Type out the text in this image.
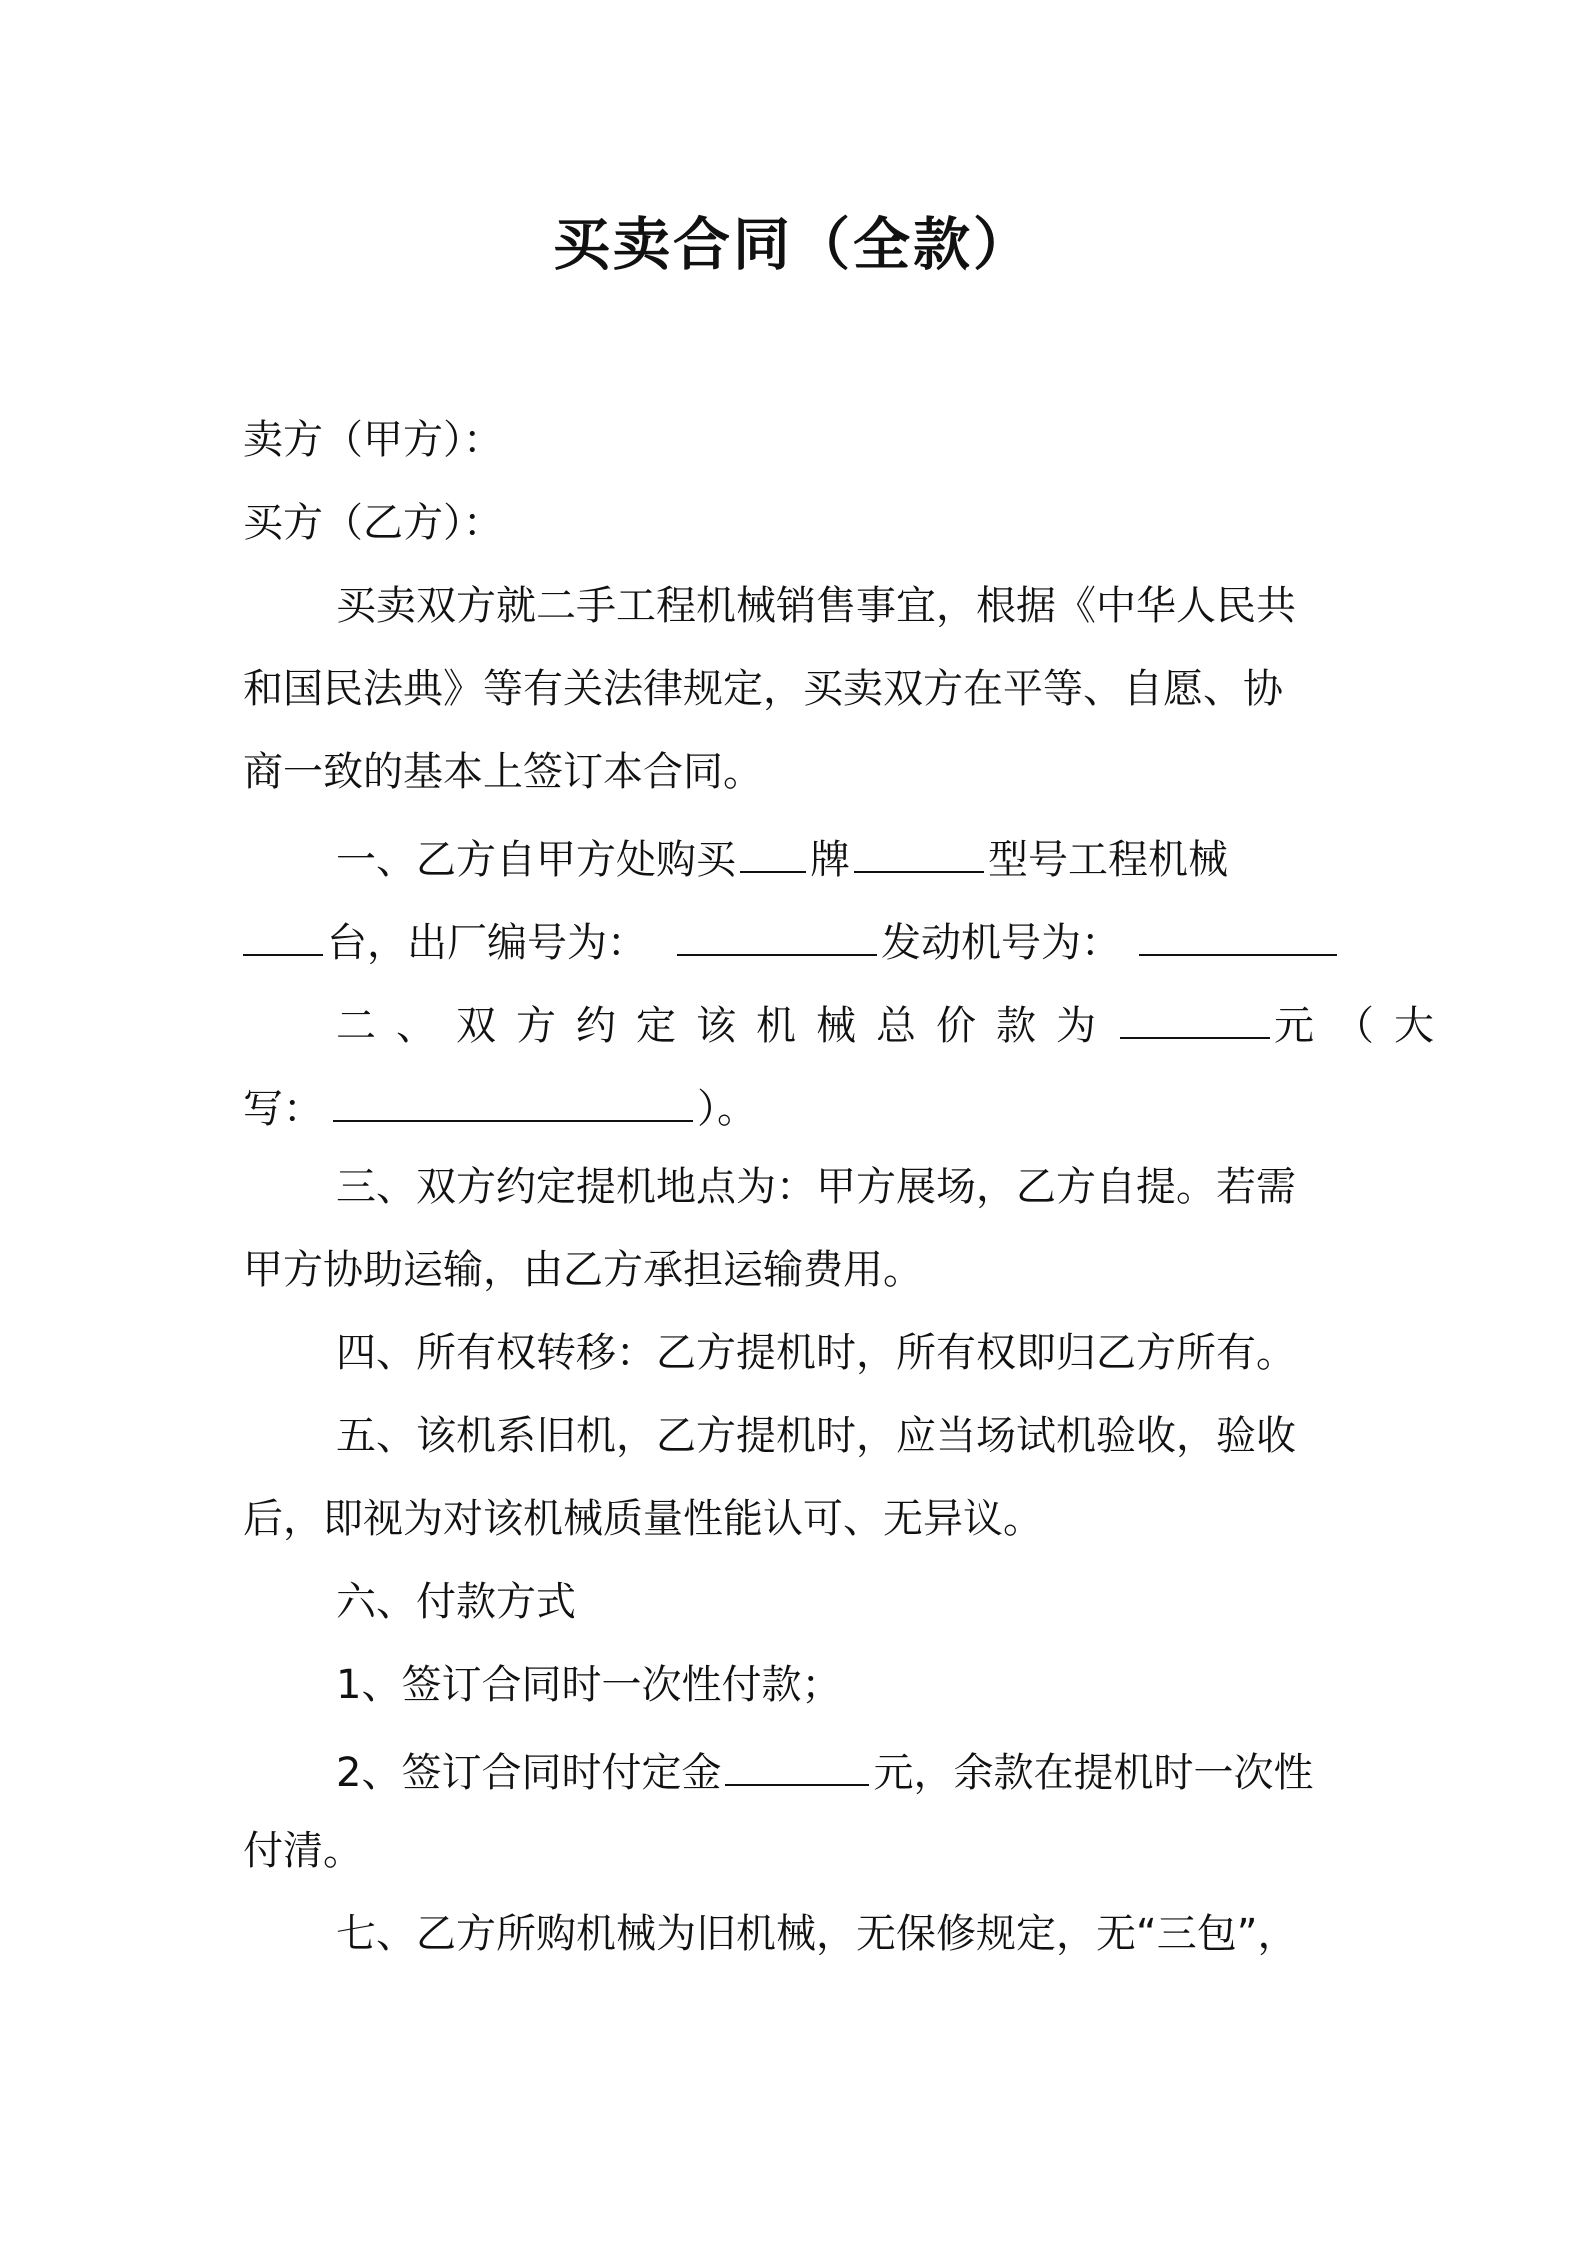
买卖合同（全款）
卖方（甲方）：
买方（乙方）：
买卖双方就二手工程机械销售事宜，根据《中华人民共
和国民法典》等有关法律规定，买卖双方在平等、自愿、协
商一致的基本上签订本合同。
一、乙方自甲方处购买 牌	型号工程机械
台，出厂编号为：	发动机号为：
二、双方约定该机械总价款为	元（大
写：	）。
三、双方约定提机地点为：甲方展场，乙方自提。若需
甲方协助运输，由乙方承担运输费用。
四、所有权转移：乙方提机时，所有权即归乙方所有。
五、该机系旧机，乙方提机时，应当场试机验收，验收
后，即视为对该机械质量性能认可、无异议。
六、付款方式
1、签订合同时一次性付款；
2、签订合同时付定金	元，余款在提机时一次性
付清。
七、乙方所购机械为旧机械，无保修规定，无“三包”，
